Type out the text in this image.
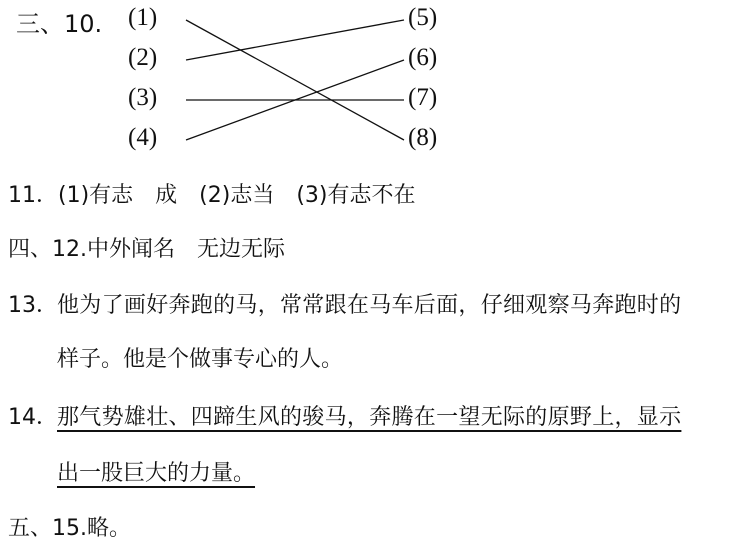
三、10. (1)
(2)
(3)
(4)
(5)
(6)
(7)
(8)
11．(1)有志　成　(2)志当　(3)有志不在
四、12.中外闻名　无边无际
13． 他为了画好奔跑的马，常常跟在马车后面，仔细观察马奔跑时的
样子。他是个做事专心的人。
14． 那气势雄壮、四蹄生风的骏马，奔腾在一望无际的原野上，显示
出一股巨大的力量。
五、15.略。
